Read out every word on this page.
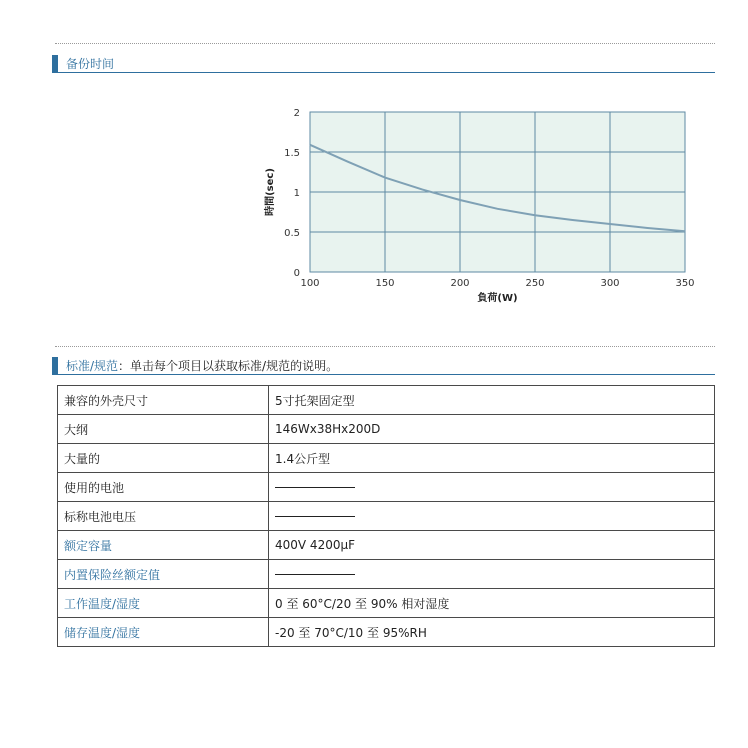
备份时间
100	150	200	250	300	350
0
0.5
1
1.5
2
負荷(W)
時間(sec)
标准/规范 ：单击每个项目以获取标准/规范的说明。
兼容的外壳尺寸	5寸托架固定型
大纲	146Wx38Hx200D
大量的	1.4公斤型
使用的电池	
标称电池电压	
额定容量	400V 4200μF
内置保险丝额定值	
工作温度/湿度	0 至 60°C/20 至 90% 相对湿度
储存温度/湿度	-20 至 70°C/10 至 95%RH
